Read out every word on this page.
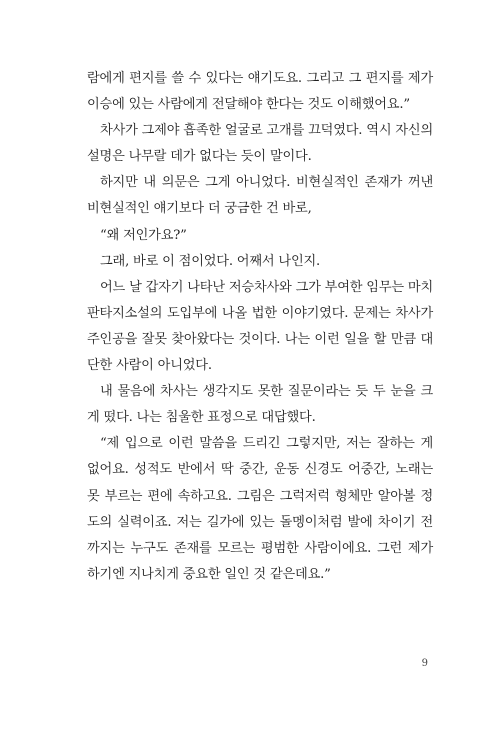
람에게 편지를 쓸 수 있다는 얘기도요. 그리고 그 편지를 제가 이승에 있는 사람에게 전달해야 한다는 것도 이해했어요.”

차사가 그제야 흡족한 얼굴로 고개를 끄덕였다. 역시 자신의 설명은 나무랄 데가 없다는 듯이 말이다.

하지만 내 의문은 그게 아니었다. 비현실적인 존재가 꺼낸 비현실적인 얘기보다 더 궁금한 건 바로,

“왜 저인가요?”

그래, 바로 이 점이었다. 어째서 나인지.

어느 날 갑자기 나타난 저승차사와 그가 부여한 임무는 마치 판타지소설의 도입부에 나올 법한 이야기였다. 문제는 차사가 주인공을 잘못 찾아왔다는 것이다. 나는 이런 일을 할 만큼 대단한 사람이 아니었다.

내 물음에 차사는 생각지도 못한 질문이라는 듯 두 눈을 크게 떴다. 나는 침울한 표정으로 대답했다.

“제 입으로 이런 말씀을 드리긴 그렇지만, 저는 잘하는 게 없어요. 성적도 반에서 딱 중간, 운동 신경도 어중간, 노래는 못 부르는 편에 속하고요. 그림은 그럭저럭 형체만 알아볼 정도의 실력이죠. 저는 길가에 있는 돌멩이처럼 발에 차이기 전까지는 누구도 존재를 모르는 평범한 사람이에요. 그런 제가 하기엔 지나치게 중요한 일인 것 같은데요.”

9
